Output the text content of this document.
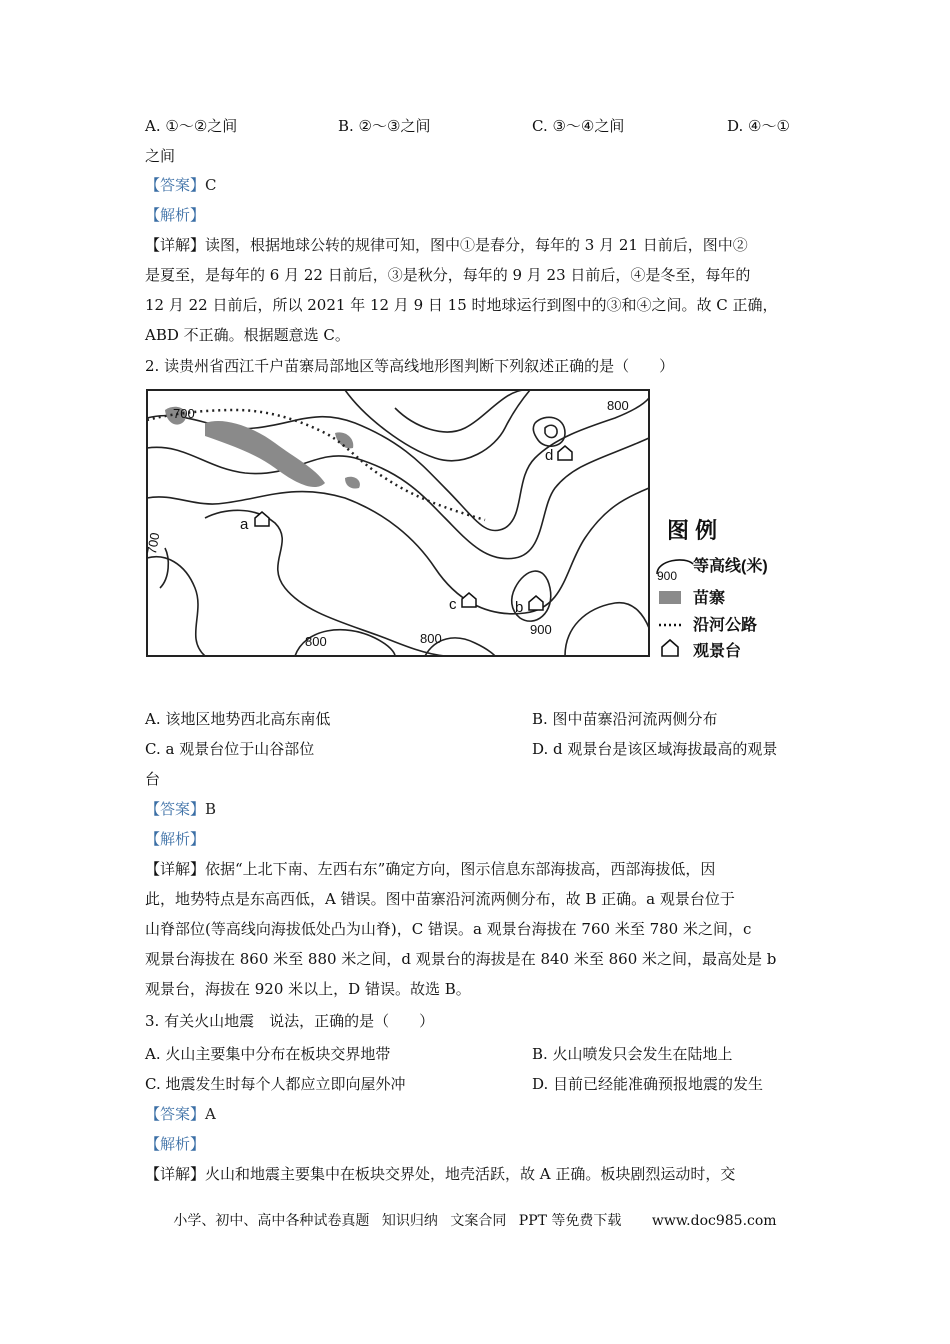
A. ①～②之间	B. ②～③之间	C. ③～④之间	D. ④～①
之间
【答案】C
【解析】
【详解】读图，根据地球公转的规律可知，图中①是春分，每年的 3 月 21 日前后，图中②
是夏至，是每年的 6 月 22 日前后，③是秋分，每年的 9 月 23 日前后，④是冬至，每年的
12 月 22 日前后，所以 2021 年 12 月 9 日 15 时地球运行到图中的③和④之间。故 C 正确，
ABD 不正确。根据题意选 C。
2. 读贵州省西江千户苗寨局部地区等高线地形图判断下列叙述正确的是（　　）
700
800
700
800	800
900
a
b
c
d
图 例
900
等高线(米)
苗寨
沿河公路
观景台
A. 该地区地势西北高东南低	B. 图中苗寨沿河流两侧分布
C. a 观景台位于山谷部位	D. d 观景台是该区域海拔最高的观景
台
【答案】B
【解析】
【详解】依据“上北下南、左西右东”确定方向，图示信息东部海拔高，西部海拔低，因
此，地势特点是东高西低，A 错误。图中苗寨沿河流两侧分布，故 B 正确。a 观景台位于
山脊部位(等高线向海拔低处凸为山脊)，C 错误。a 观景台海拔在 760 米至 780 米之间，c
观景台海拔在 860 米至 880 米之间，d 观景台的海拔是在 840 米至 860 米之间，最高处是 b
观景台，海拔在 920 米以上，D 错误。故选 B。
3. 有关火山地震　说法，正确的是（　　）
A. 火山主要集中分布在板块交界地带	B. 火山喷发只会发生在陆地上
C. 地震发生时每个人都应立即向屋外冲	D. 目前已经能准确预报地震的发生
【答案】A
【解析】
【详解】火山和地震主要集中在板块交界处，地壳活跃，故 A 正确。板块剧烈运动时，交
小学、初中、高中各种试卷真题 知识归纳 文案合同 PPT 等免费下载 www.doc985.com
